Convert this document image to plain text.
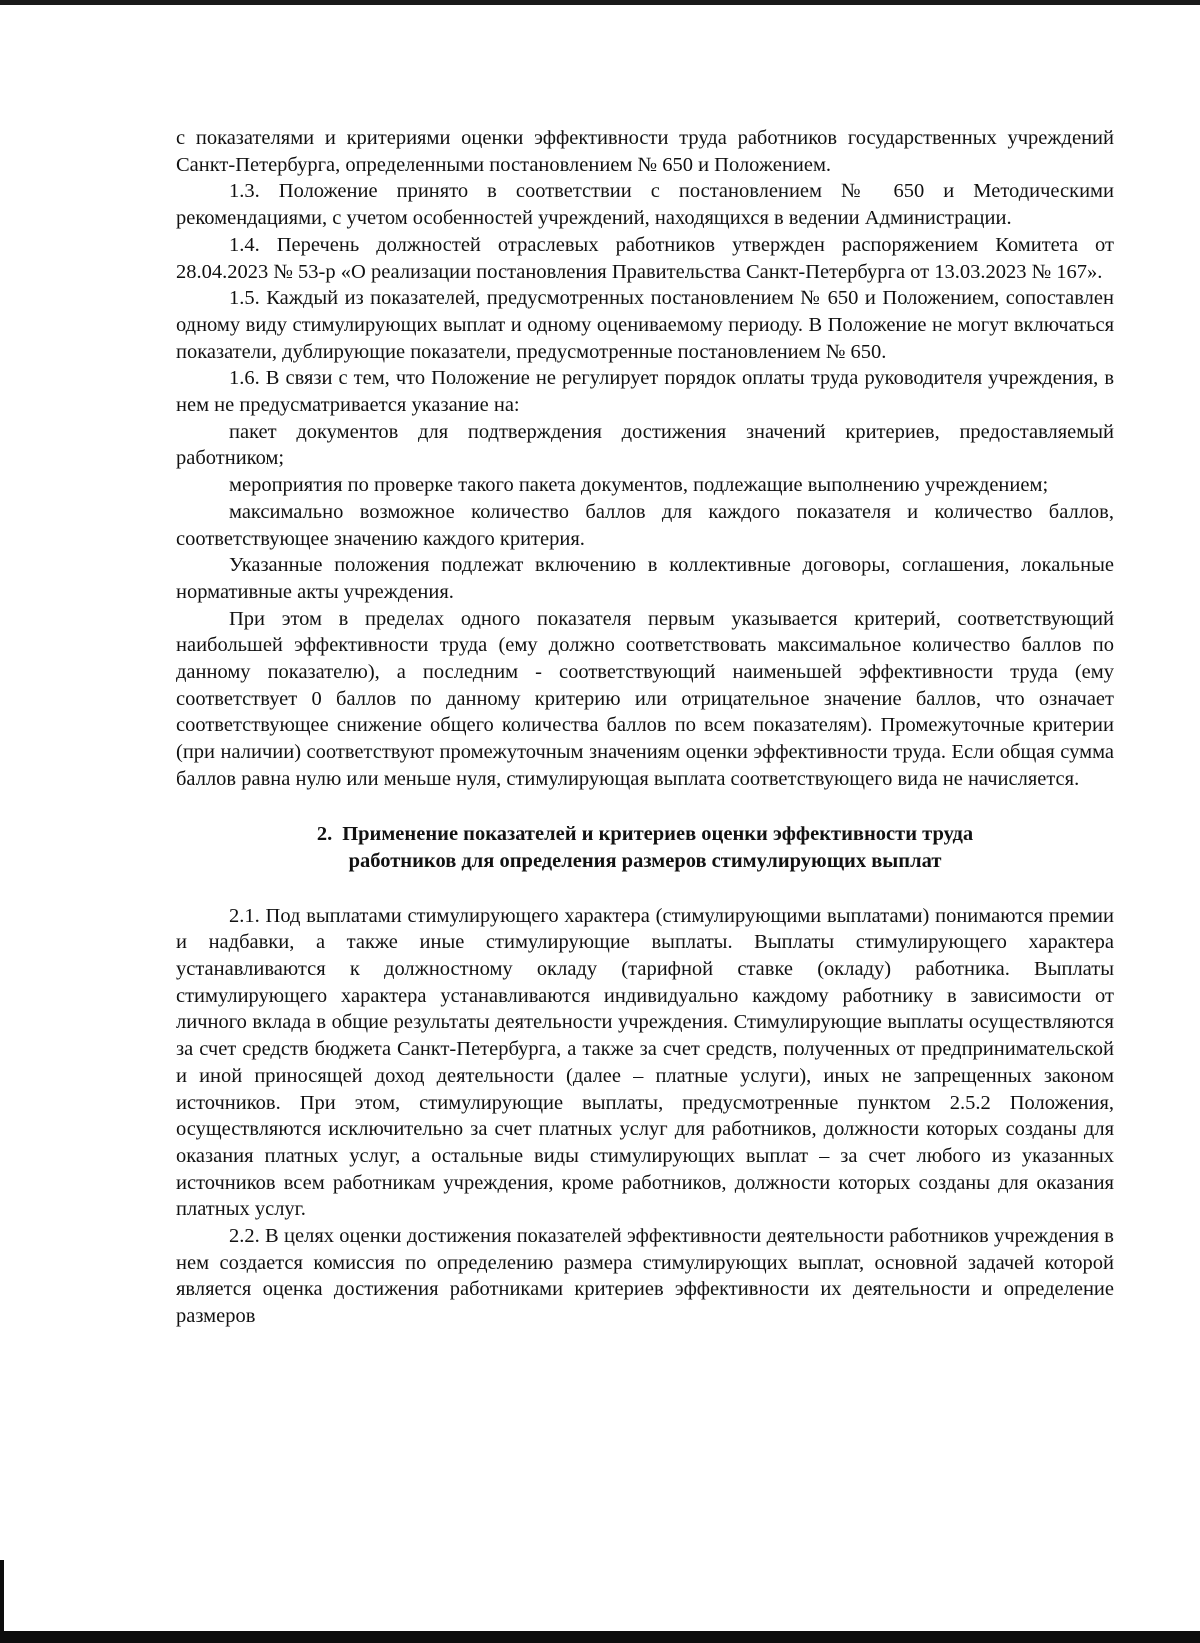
с показателями и критериями оценки эффективности труда работников государственных учреждений Санкт-Петербурга, определенными постановлением № 650 и Положением.

1.3. Положение принято в соответствии с постановлением № 650 и Методическими рекомендациями, с учетом особенностей учреждений, находящихся в ведении Администрации.

1.4. Перечень должностей отраслевых работников утвержден распоряжением Комитета от 28.04.2023 № 53-р «О реализации постановления Правительства Санкт-Петербурга от 13.03.2023 № 167».

1.5. Каждый из показателей, предусмотренных постановлением № 650 и Положением, сопоставлен одному виду стимулирующих выплат и одному оцениваемому периоду. В Положение не могут включаться показатели, дублирующие показатели, предусмотренные постановлением № 650.

1.6. В связи с тем, что Положение не регулирует порядок оплаты труда руководителя учреждения, в нем не предусматривается указание на:

пакет документов для подтверждения достижения значений критериев, предоставляемый работником;

мероприятия по проверке такого пакета документов, подлежащие выполнению учреждением;

максимально возможное количество баллов для каждого показателя и количество баллов, соответствующее значению каждого критерия.

Указанные положения подлежат включению в коллективные договоры, соглашения, локальные нормативные акты учреждения.

При этом в пределах одного показателя первым указывается критерий, соответствующий наибольшей эффективности труда (ему должно соответствовать максимальное количество баллов по данному показателю), а последним - соответствующий наименьшей эффективности труда (ему соответствует 0 баллов по данному критерию или отрицательное значение баллов, что означает соответствующее снижение общего количества баллов по всем показателям). Промежуточные критерии (при наличии) соответствуют промежуточным значениям оценки эффективности труда. Если общая сумма баллов равна нулю или меньше нуля, стимулирующая выплата соответствующего вида не начисляется.

2. Применение показателей и критериев оценки эффективности труда
работников для определения размеров стимулирующих выплат

2.1. Под выплатами стимулирующего характера (стимулирующими выплатами) понимаются премии и надбавки, а также иные стимулирующие выплаты. Выплаты стимулирующего характера устанавливаются к должностному окладу (тарифной ставке (окладу) работника. Выплаты стимулирующего характера устанавливаются индивидуально каждому работнику в зависимости от личного вклада в общие результаты деятельности учреждения. Стимулирующие выплаты осуществляются за счет средств бюджета Санкт-Петербурга, а также за счет средств, полученных от предпринимательской и иной приносящей доход деятельности (далее – платные услуги), иных не запрещенных законом источников. При этом, стимулирующие выплаты, предусмотренные пунктом 2.5.2 Положения, осуществляются исключительно за счет платных услуг для работников, должности которых созданы для оказания платных услуг, а остальные виды стимулирующих выплат – за счет любого из указанных источников всем работникам учреждения, кроме работников, должности которых созданы для оказания платных услуг.

2.2. В целях оценки достижения показателей эффективности деятельности работников учреждения в нем создается комиссия по определению размера стимулирующих выплат, основной задачей которой является оценка достижения работниками критериев эффективности их деятельности и определение размеров
